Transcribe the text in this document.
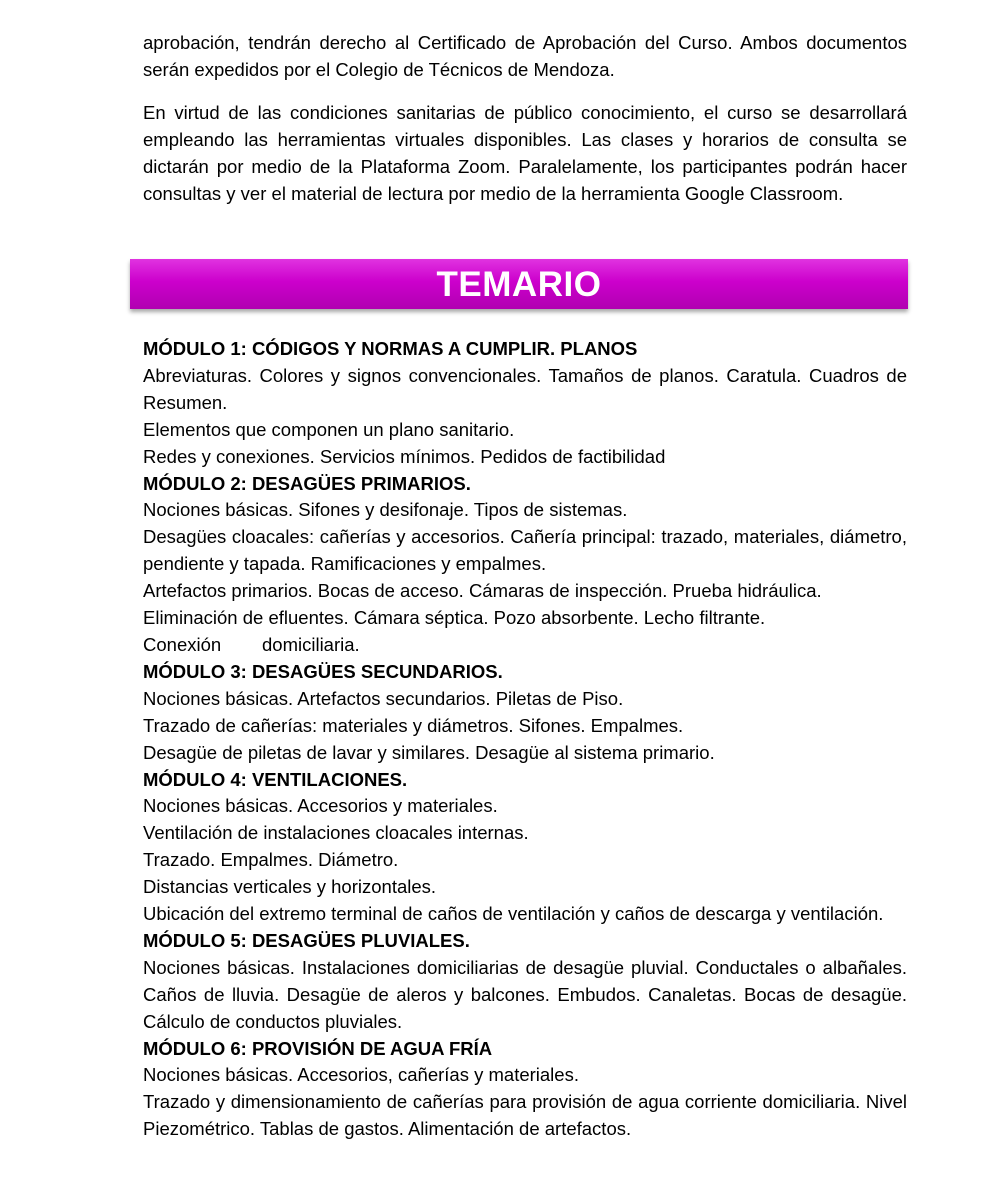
aprobación, tendrán derecho al Certificado de Aprobación del Curso. Ambos documentos serán expedidos por el Colegio de Técnicos de Mendoza.

En virtud de las condiciones sanitarias de público conocimiento, el curso se desarrollará empleando las herramientas virtuales disponibles. Las clases y horarios de consulta se dictarán por medio de la Plataforma Zoom. Paralelamente, los participantes podrán hacer consultas y ver el material de lectura por medio de la herramienta Google Classroom.

TEMARIO

MÓDULO 1: CÓDIGOS Y NORMAS A CUMPLIR. PLANOS

Abreviaturas. Colores y signos convencionales. Tamaños de planos. Caratula. Cuadros de Resumen.

Elementos que componen un plano sanitario.

Redes y conexiones. Servicios mínimos. Pedidos de factibilidad

MÓDULO 2: DESAGÜES PRIMARIOS.

Nociones básicas. Sifones y desifonaje. Tipos de sistemas.

Desagües cloacales: cañerías y accesorios. Cañería principal: trazado, materiales, diámetro, pendiente y tapada. Ramificaciones y empalmes.

Artefactos primarios. Bocas de acceso. Cámaras de inspección. Prueba hidráulica.

Eliminación de efluentes. Cámara séptica. Pozo absorbente. Lecho filtrante.

Conexión domiciliaria.

MÓDULO 3: DESAGÜES SECUNDARIOS.

Nociones básicas. Artefactos secundarios. Piletas de Piso.

Trazado de cañerías: materiales y diámetros. Sifones. Empalmes.

Desagüe de piletas de lavar y similares. Desagüe al sistema primario.

MÓDULO 4: VENTILACIONES.

Nociones básicas. Accesorios y materiales.

Ventilación de instalaciones cloacales internas.

Trazado. Empalmes. Diámetro.

Distancias verticales y horizontales.

Ubicación del extremo terminal de caños de ventilación y caños de descarga y ventilación.

MÓDULO 5: DESAGÜES PLUVIALES.

Nociones básicas. Instalaciones domiciliarias de desagüe pluvial. Conductales o albañales. Caños de lluvia. Desagüe de aleros y balcones. Embudos. Canaletas. Bocas de desagüe. Cálculo de conductos pluviales.

MÓDULO 6: PROVISIÓN DE AGUA FRÍA

Nociones básicas. Accesorios, cañerías y materiales.

Trazado y dimensionamiento de cañerías para provisión de agua corriente domiciliaria. Nivel Piezométrico. Tablas de gastos. Alimentación de artefactos.
